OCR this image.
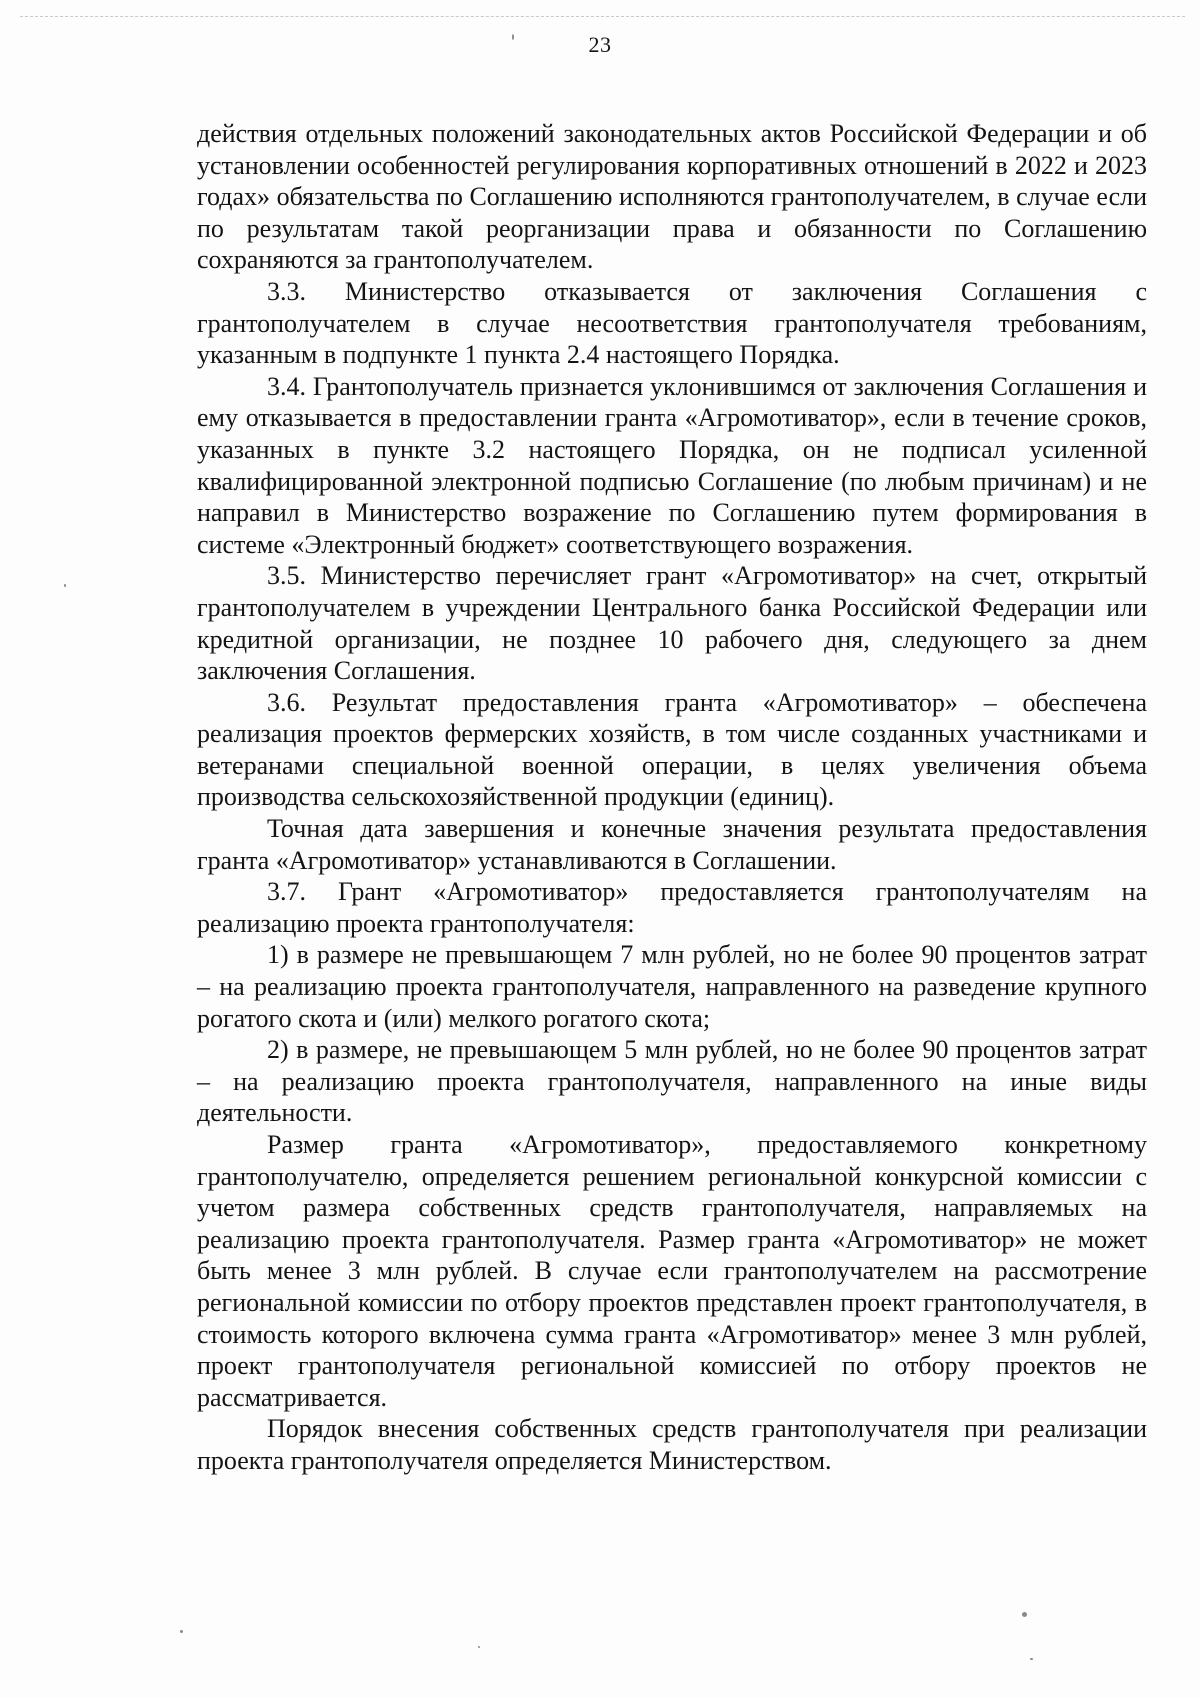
23

действия отдельных положений законодательных актов Российской Федерации и об установлении особенностей регулирования корпоративных отношений в 2022 и 2023 годах» обязательства по Соглашению исполняются грантополучателем, в случае если по результатам такой реорганизации права и обязанности по Соглашению сохраняются за грантополучателем.

3.3. Министерство отказывается от заключения Соглашения с грантополучателем в случае несоответствия грантополучателя требованиям, указанным в подпункте 1 пункта 2.4 настоящего Порядка.

3.4. Грантополучатель признается уклонившимся от заключения Соглашения и ему отказывается в предоставлении гранта «Агромотиватор», если в течение сроков, указанных в пункте 3.2 настоящего Порядка, он не подписал усиленной квалифицированной электронной подписью Соглашение (по любым причинам) и не направил в Министерство возражение по Соглашению путем формирования в системе «Электронный бюджет» соответствующего возражения.

3.5. Министерство перечисляет грант «Агромотиватор» на счет, открытый грантополучателем в учреждении Центрального банка Российской Федерации или кредитной организации, не позднее 10 рабочего дня, следующего за днем заключения Соглашения.

3.6. Результат предоставления гранта «Агромотиватор» – обеспечена реализация проектов фермерских хозяйств, в том числе созданных участниками и ветеранами специальной военной операции, в целях увеличения объема производства сельскохозяйственной продукции (единиц).

Точная дата завершения и конечные значения результата предоставления гранта «Агромотиватор» устанавливаются в Соглашении.

3.7. Грант «Агромотиватор» предоставляется грантополучателям на реализацию проекта грантополучателя:

1) в размере не превышающем 7 млн рублей, но не более 90 процентов затрат – на реализацию проекта грантополучателя, направленного на разведение крупного рогатого скота и (или) мелкого рогатого скота;

2) в размере, не превышающем 5 млн рублей, но не более 90 процентов затрат – на реализацию проекта грантополучателя, направленного на иные виды деятельности.

Размер гранта «Агромотиватор», предоставляемого конкретному грантополучателю, определяется решением региональной конкурсной комиссии с учетом размера собственных средств грантополучателя, направляемых на реализацию проекта грантополучателя. Размер гранта «Агромотиватор» не может быть менее 3 млн рублей. В случае если грантополучателем на рассмотрение региональной комиссии по отбору проектов представлен проект грантополучателя, в стоимость которого включена сумма гранта «Агромотиватор» менее 3 млн рублей, проект грантополучателя региональной комиссией по отбору проектов не рассматривается.

Порядок внесения собственных средств грантополучателя при реализации проекта грантополучателя определяется Министерством.
